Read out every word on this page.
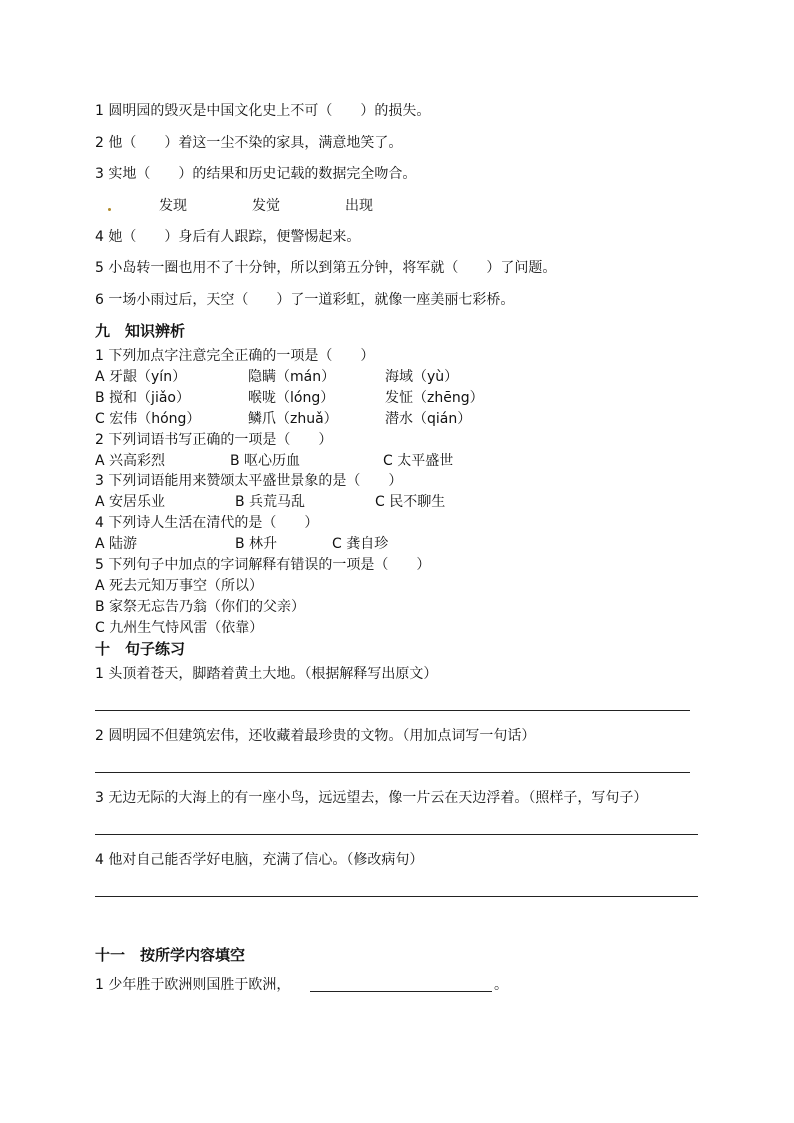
1 圆明园的毁灭是中国文化史上不可（　　）的损失。
2 他（　　）着这一尘不染的家具，满意地笑了。
3 实地（　　）的结果和历史记载的数据完全吻合。
发现	发觉	出现
4 她（　　）身后有人跟踪，便警惕起来。
5 小岛转一圈也用不了十分钟，所以到第五分钟，将军就（　　）了问题。
6 一场小雨过后，天空（　　）了一道彩虹，就像一座美丽七彩桥。
九　知识辨析
1 下列加点字注意完全正确的一项是（　　）
A 牙龈（yín）	隐瞒（mán）	海域（yù）
B 搅和（jiǎo）	喉咙（lóng）	发怔（zhēng）
C 宏伟（hóng）	鳞爪（zhuǎ）	潜水（qián）
2 下列词语书写正确的一项是（　　）
A 兴高彩烈	B 呕心历血	C 太平盛世
3 下列词语能用来赞颂太平盛世景象的是（　　）
A 安居乐业	B 兵荒马乱	C 民不聊生
4 下列诗人生活在清代的是（　　）
A 陆游	B 林升	C 龚自珍
5 下列句子中加点的字词解释有错误的一项是（　　）
A 死去元知万事空（所以）
B 家祭无忘告乃翁（你们的父亲）
C 九州生气恃风雷（依靠）
十　句子练习
1 头顶着苍天，脚踏着黄土大地。（根据解释写出原文）
2 圆明园不但建筑宏伟，还收藏着最珍贵的文物。（用加点词写一句话）
3 无边无际的大海上的有一座小鸟，远远望去，像一片云在天边浮着。（照样子，写句子）
4 他对自己能否学好电脑，充满了信心。（修改病句）
十一　按所学内容填空
1 少年胜于欧洲则国胜于欧洲，	。
